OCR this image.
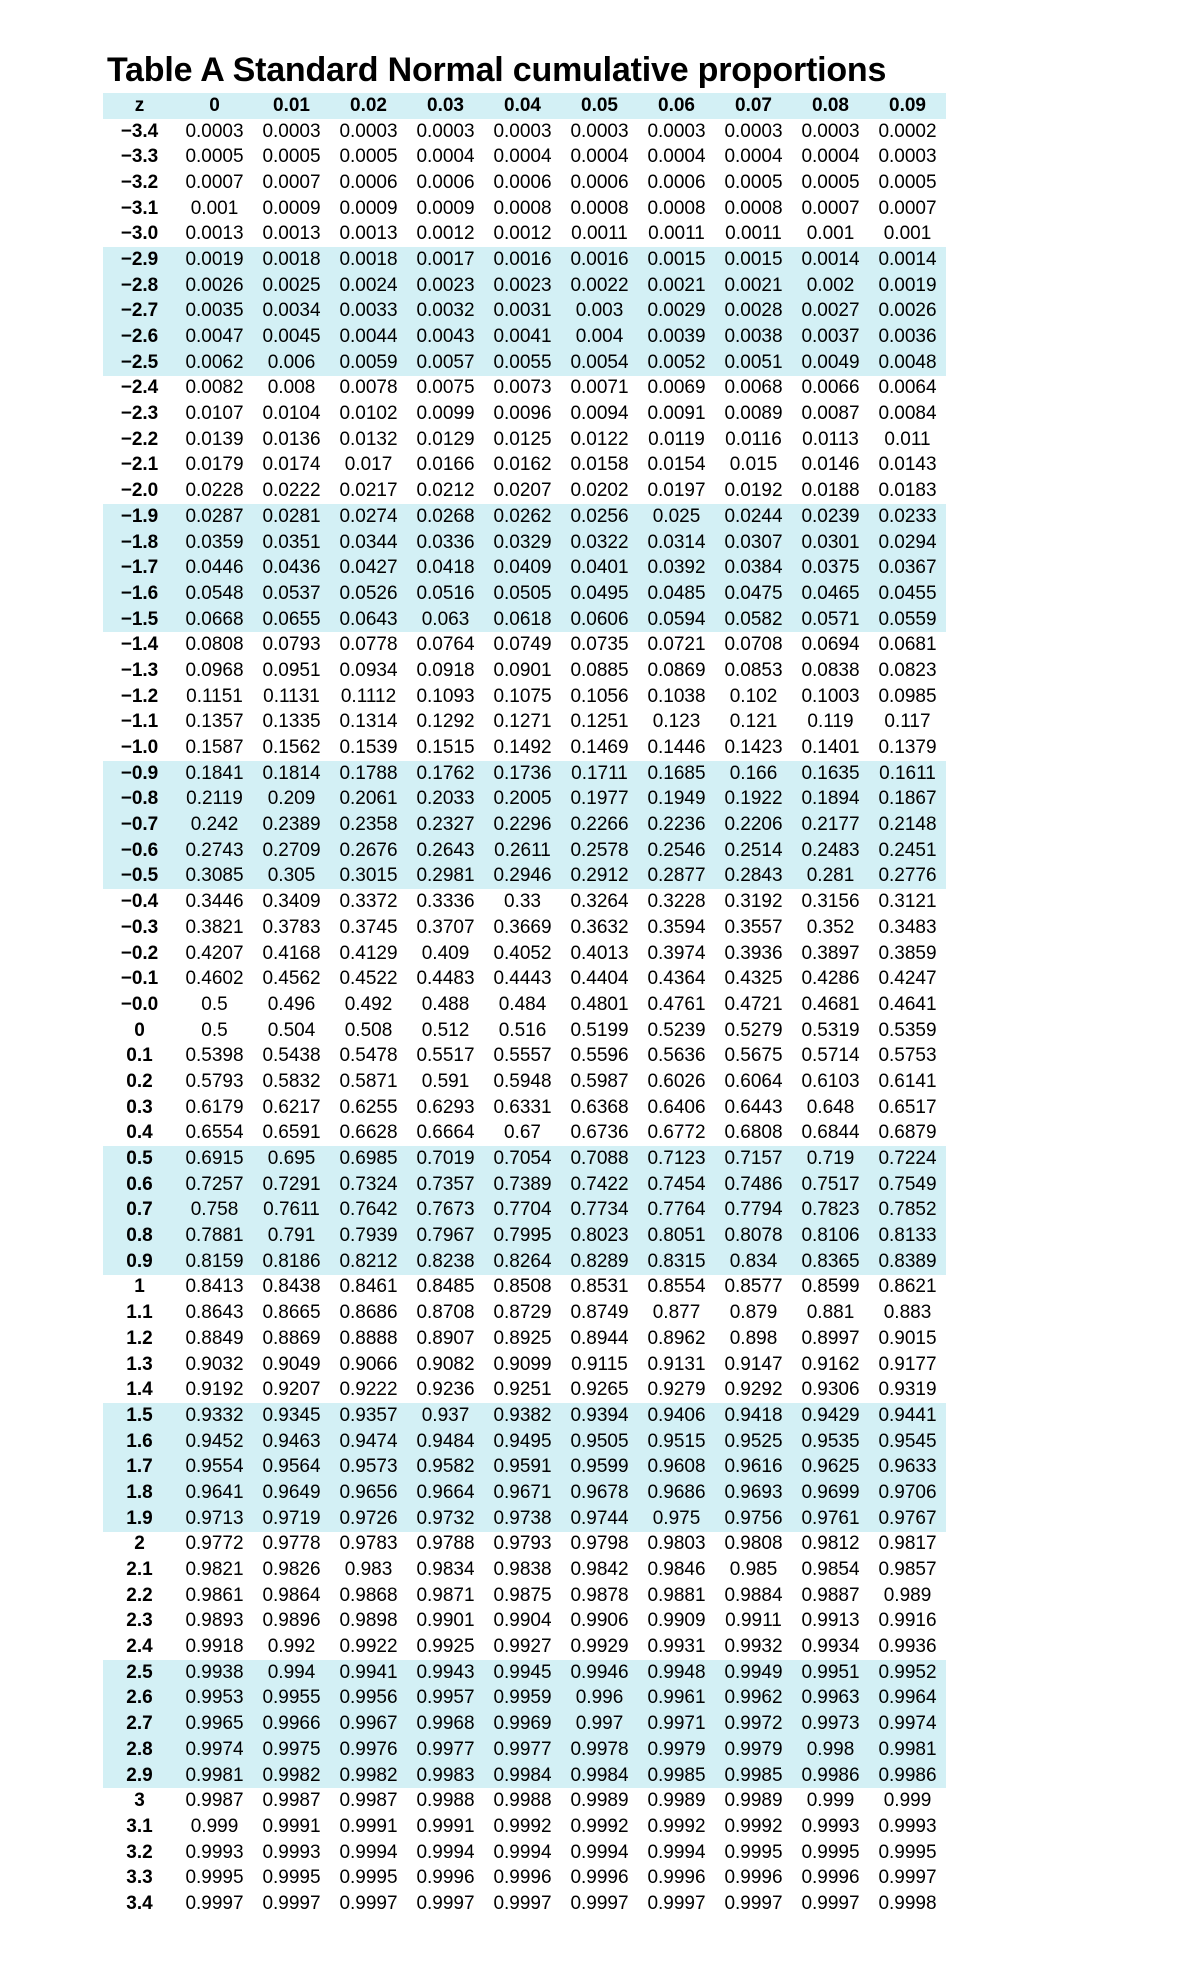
Table A Standard Normal cumulative proportions
z	0	0.01	0.02	0.03	0.04	0.05	0.06	0.07	0.08	0.09
−3.4	0.0003	0.0003	0.0003	0.0003	0.0003	0.0003	0.0003	0.0003	0.0003	0.0002
−3.3	0.0005	0.0005	0.0005	0.0004	0.0004	0.0004	0.0004	0.0004	0.0004	0.0003
−3.2	0.0007	0.0007	0.0006	0.0006	0.0006	0.0006	0.0006	0.0005	0.0005	0.0005
−3.1	0.001	0.0009	0.0009	0.0009	0.0008	0.0008	0.0008	0.0008	0.0007	0.0007
−3.0	0.0013	0.0013	0.0013	0.0012	0.0012	0.0011	0.0011	0.0011	0.001	0.001
−2.9	0.0019	0.0018	0.0018	0.0017	0.0016	0.0016	0.0015	0.0015	0.0014	0.0014
−2.8	0.0026	0.0025	0.0024	0.0023	0.0023	0.0022	0.0021	0.0021	0.002	0.0019
−2.7	0.0035	0.0034	0.0033	0.0032	0.0031	0.003	0.0029	0.0028	0.0027	0.0026
−2.6	0.0047	0.0045	0.0044	0.0043	0.0041	0.004	0.0039	0.0038	0.0037	0.0036
−2.5	0.0062	0.006	0.0059	0.0057	0.0055	0.0054	0.0052	0.0051	0.0049	0.0048
−2.4	0.0082	0.008	0.0078	0.0075	0.0073	0.0071	0.0069	0.0068	0.0066	0.0064
−2.3	0.0107	0.0104	0.0102	0.0099	0.0096	0.0094	0.0091	0.0089	0.0087	0.0084
−2.2	0.0139	0.0136	0.0132	0.0129	0.0125	0.0122	0.0119	0.0116	0.0113	0.011
−2.1	0.0179	0.0174	0.017	0.0166	0.0162	0.0158	0.0154	0.015	0.0146	0.0143
−2.0	0.0228	0.0222	0.0217	0.0212	0.0207	0.0202	0.0197	0.0192	0.0188	0.0183
−1.9	0.0287	0.0281	0.0274	0.0268	0.0262	0.0256	0.025	0.0244	0.0239	0.0233
−1.8	0.0359	0.0351	0.0344	0.0336	0.0329	0.0322	0.0314	0.0307	0.0301	0.0294
−1.7	0.0446	0.0436	0.0427	0.0418	0.0409	0.0401	0.0392	0.0384	0.0375	0.0367
−1.6	0.0548	0.0537	0.0526	0.0516	0.0505	0.0495	0.0485	0.0475	0.0465	0.0455
−1.5	0.0668	0.0655	0.0643	0.063	0.0618	0.0606	0.0594	0.0582	0.0571	0.0559
−1.4	0.0808	0.0793	0.0778	0.0764	0.0749	0.0735	0.0721	0.0708	0.0694	0.0681
−1.3	0.0968	0.0951	0.0934	0.0918	0.0901	0.0885	0.0869	0.0853	0.0838	0.0823
−1.2	0.1151	0.1131	0.1112	0.1093	0.1075	0.1056	0.1038	0.102	0.1003	0.0985
−1.1	0.1357	0.1335	0.1314	0.1292	0.1271	0.1251	0.123	0.121	0.119	0.117
−1.0	0.1587	0.1562	0.1539	0.1515	0.1492	0.1469	0.1446	0.1423	0.1401	0.1379
−0.9	0.1841	0.1814	0.1788	0.1762	0.1736	0.1711	0.1685	0.166	0.1635	0.1611
−0.8	0.2119	0.209	0.2061	0.2033	0.2005	0.1977	0.1949	0.1922	0.1894	0.1867
−0.7	0.242	0.2389	0.2358	0.2327	0.2296	0.2266	0.2236	0.2206	0.2177	0.2148
−0.6	0.2743	0.2709	0.2676	0.2643	0.2611	0.2578	0.2546	0.2514	0.2483	0.2451
−0.5	0.3085	0.305	0.3015	0.2981	0.2946	0.2912	0.2877	0.2843	0.281	0.2776
−0.4	0.3446	0.3409	0.3372	0.3336	0.33	0.3264	0.3228	0.3192	0.3156	0.3121
−0.3	0.3821	0.3783	0.3745	0.3707	0.3669	0.3632	0.3594	0.3557	0.352	0.3483
−0.2	0.4207	0.4168	0.4129	0.409	0.4052	0.4013	0.3974	0.3936	0.3897	0.3859
−0.1	0.4602	0.4562	0.4522	0.4483	0.4443	0.4404	0.4364	0.4325	0.4286	0.4247
−0.0	0.5	0.496	0.492	0.488	0.484	0.4801	0.4761	0.4721	0.4681	0.4641
0	0.5	0.504	0.508	0.512	0.516	0.5199	0.5239	0.5279	0.5319	0.5359
0.1	0.5398	0.5438	0.5478	0.5517	0.5557	0.5596	0.5636	0.5675	0.5714	0.5753
0.2	0.5793	0.5832	0.5871	0.591	0.5948	0.5987	0.6026	0.6064	0.6103	0.6141
0.3	0.6179	0.6217	0.6255	0.6293	0.6331	0.6368	0.6406	0.6443	0.648	0.6517
0.4	0.6554	0.6591	0.6628	0.6664	0.67	0.6736	0.6772	0.6808	0.6844	0.6879
0.5	0.6915	0.695	0.6985	0.7019	0.7054	0.7088	0.7123	0.7157	0.719	0.7224
0.6	0.7257	0.7291	0.7324	0.7357	0.7389	0.7422	0.7454	0.7486	0.7517	0.7549
0.7	0.758	0.7611	0.7642	0.7673	0.7704	0.7734	0.7764	0.7794	0.7823	0.7852
0.8	0.7881	0.791	0.7939	0.7967	0.7995	0.8023	0.8051	0.8078	0.8106	0.8133
0.9	0.8159	0.8186	0.8212	0.8238	0.8264	0.8289	0.8315	0.834	0.8365	0.8389
1	0.8413	0.8438	0.8461	0.8485	0.8508	0.8531	0.8554	0.8577	0.8599	0.8621
1.1	0.8643	0.8665	0.8686	0.8708	0.8729	0.8749	0.877	0.879	0.881	0.883
1.2	0.8849	0.8869	0.8888	0.8907	0.8925	0.8944	0.8962	0.898	0.8997	0.9015
1.3	0.9032	0.9049	0.9066	0.9082	0.9099	0.9115	0.9131	0.9147	0.9162	0.9177
1.4	0.9192	0.9207	0.9222	0.9236	0.9251	0.9265	0.9279	0.9292	0.9306	0.9319
1.5	0.9332	0.9345	0.9357	0.937	0.9382	0.9394	0.9406	0.9418	0.9429	0.9441
1.6	0.9452	0.9463	0.9474	0.9484	0.9495	0.9505	0.9515	0.9525	0.9535	0.9545
1.7	0.9554	0.9564	0.9573	0.9582	0.9591	0.9599	0.9608	0.9616	0.9625	0.9633
1.8	0.9641	0.9649	0.9656	0.9664	0.9671	0.9678	0.9686	0.9693	0.9699	0.9706
1.9	0.9713	0.9719	0.9726	0.9732	0.9738	0.9744	0.975	0.9756	0.9761	0.9767
2	0.9772	0.9778	0.9783	0.9788	0.9793	0.9798	0.9803	0.9808	0.9812	0.9817
2.1	0.9821	0.9826	0.983	0.9834	0.9838	0.9842	0.9846	0.985	0.9854	0.9857
2.2	0.9861	0.9864	0.9868	0.9871	0.9875	0.9878	0.9881	0.9884	0.9887	0.989
2.3	0.9893	0.9896	0.9898	0.9901	0.9904	0.9906	0.9909	0.9911	0.9913	0.9916
2.4	0.9918	0.992	0.9922	0.9925	0.9927	0.9929	0.9931	0.9932	0.9934	0.9936
2.5	0.9938	0.994	0.9941	0.9943	0.9945	0.9946	0.9948	0.9949	0.9951	0.9952
2.6	0.9953	0.9955	0.9956	0.9957	0.9959	0.996	0.9961	0.9962	0.9963	0.9964
2.7	0.9965	0.9966	0.9967	0.9968	0.9969	0.997	0.9971	0.9972	0.9973	0.9974
2.8	0.9974	0.9975	0.9976	0.9977	0.9977	0.9978	0.9979	0.9979	0.998	0.9981
2.9	0.9981	0.9982	0.9982	0.9983	0.9984	0.9984	0.9985	0.9985	0.9986	0.9986
3	0.9987	0.9987	0.9987	0.9988	0.9988	0.9989	0.9989	0.9989	0.999	0.999
3.1	0.999	0.9991	0.9991	0.9991	0.9992	0.9992	0.9992	0.9992	0.9993	0.9993
3.2	0.9993	0.9993	0.9994	0.9994	0.9994	0.9994	0.9994	0.9995	0.9995	0.9995
3.3	0.9995	0.9995	0.9995	0.9996	0.9996	0.9996	0.9996	0.9996	0.9996	0.9997
3.4	0.9997	0.9997	0.9997	0.9997	0.9997	0.9997	0.9997	0.9997	0.9997	0.9998
